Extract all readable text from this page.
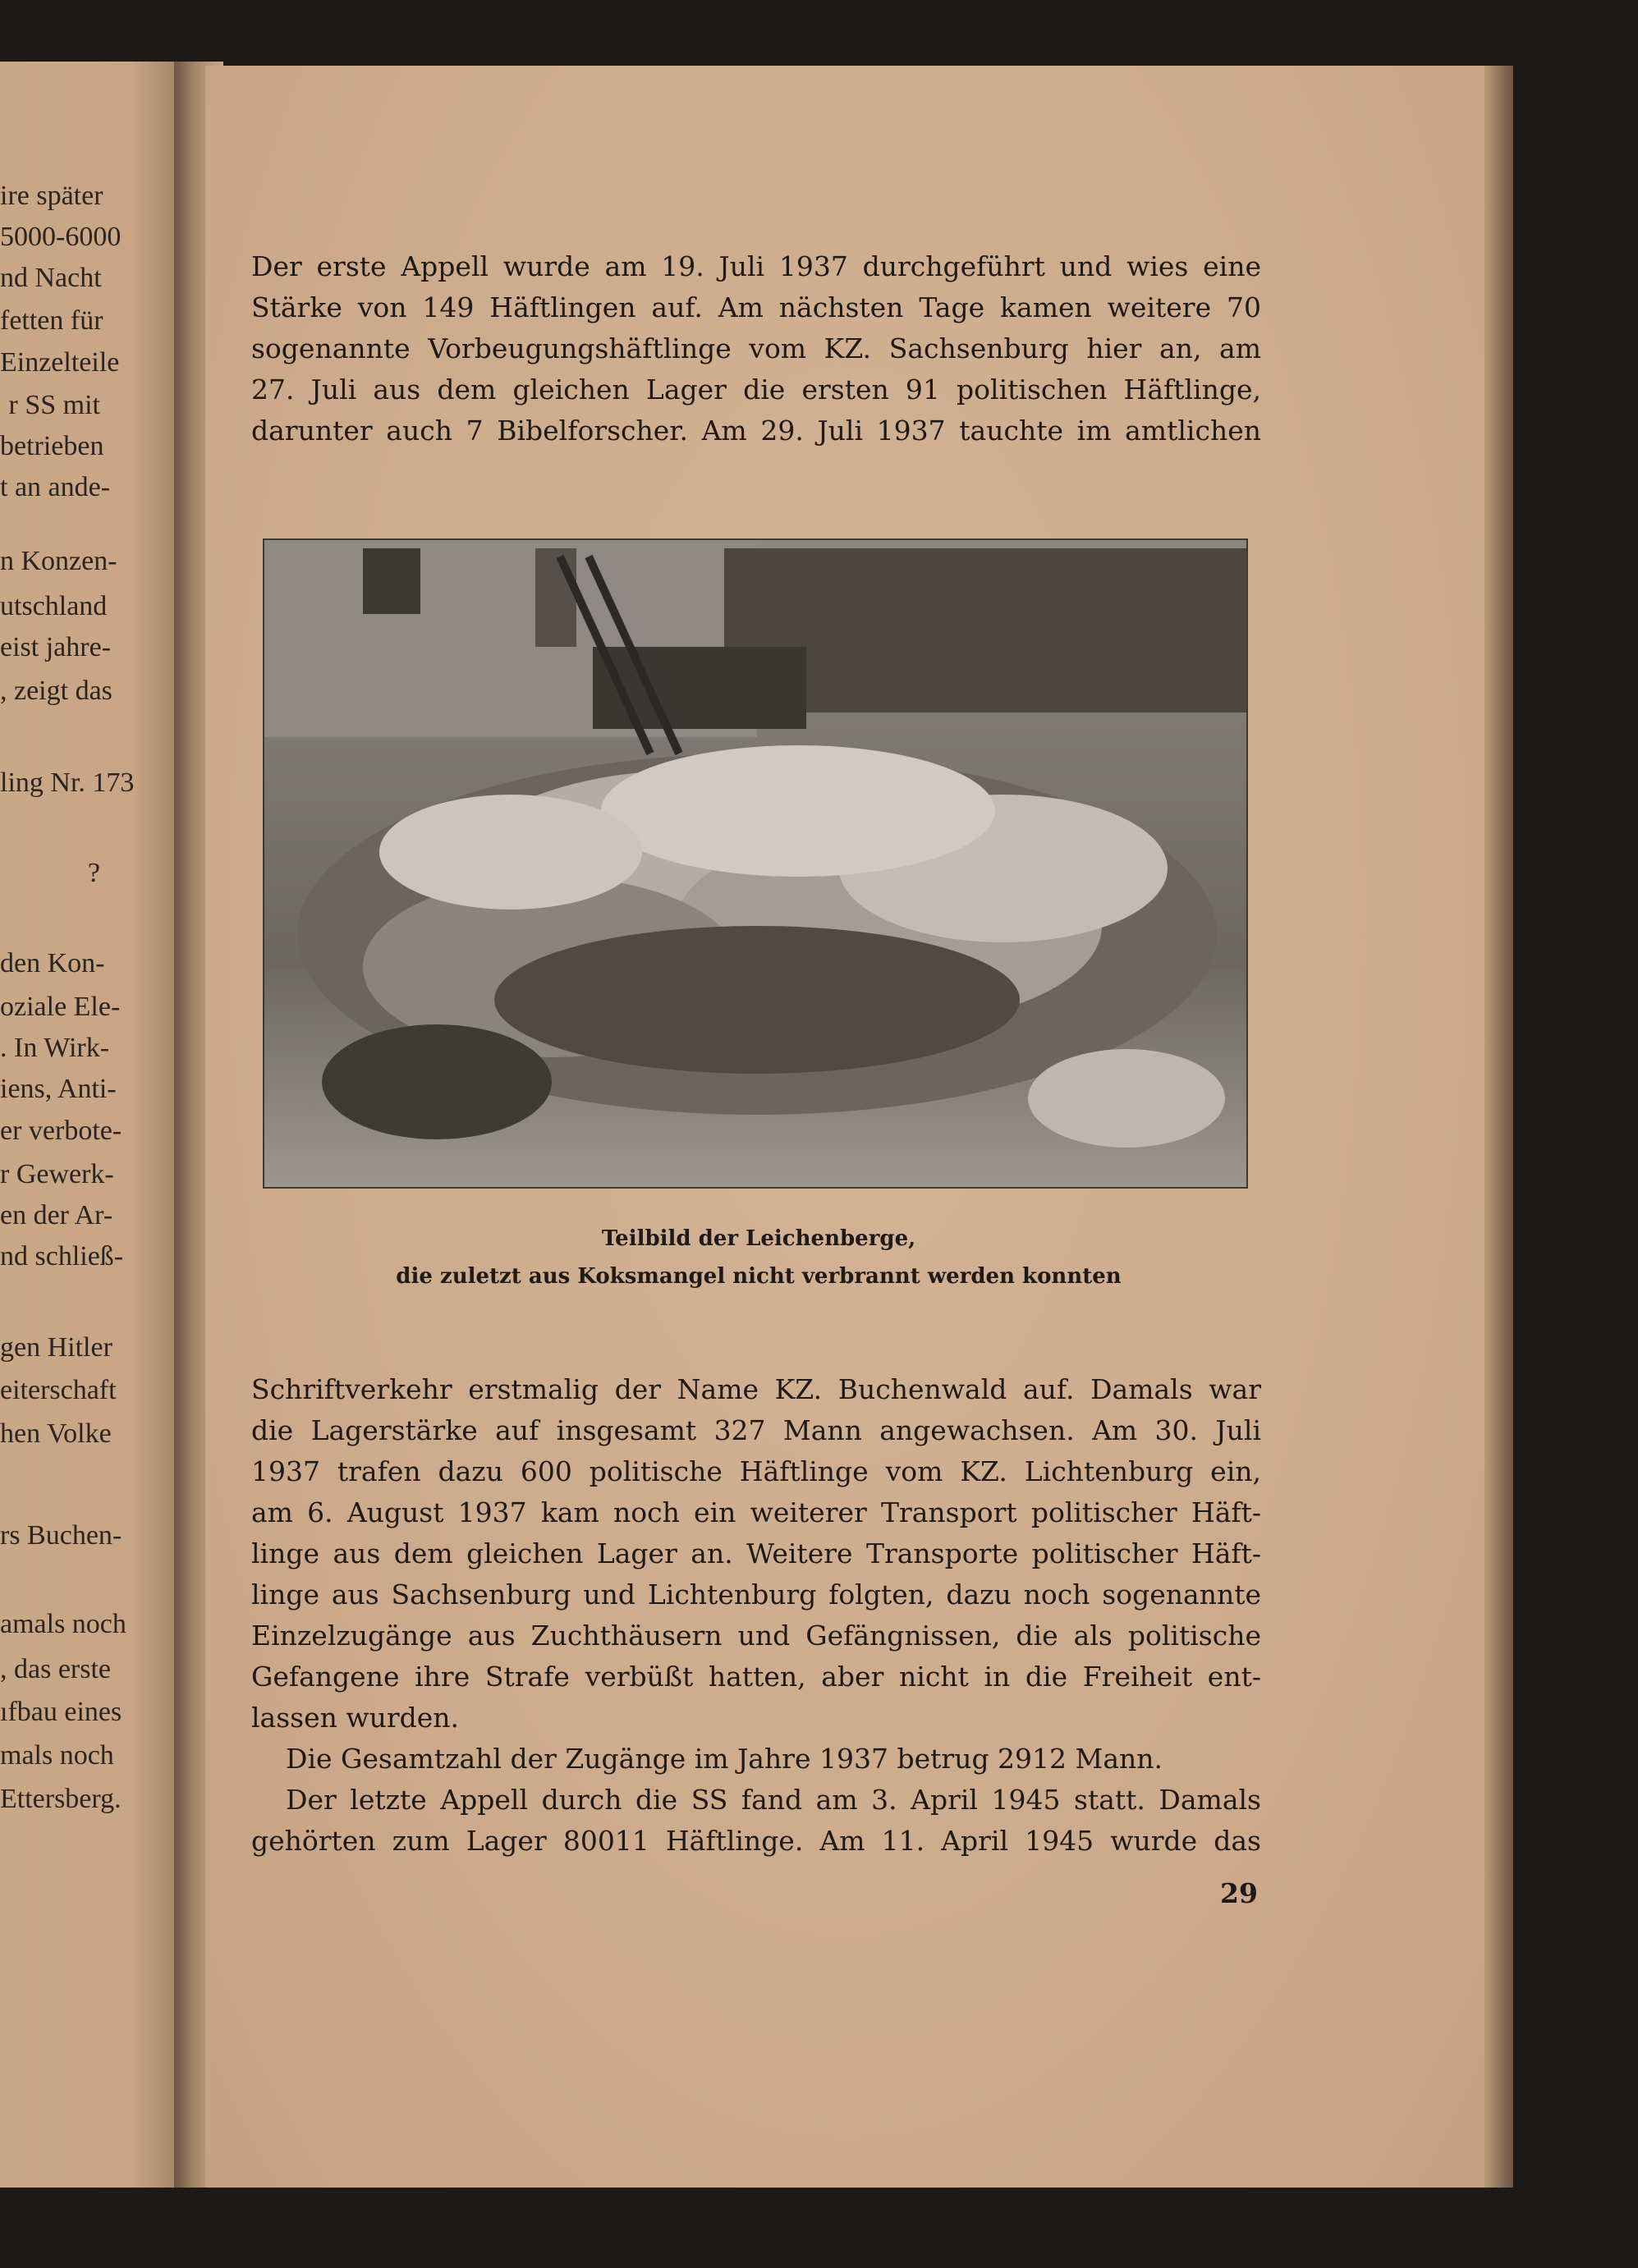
ire später
5000-6000
nd Nacht
fetten für
Einzelteile
r SS mit
betrieben
t an ande-
n Konzen-
utschland
eist jahre-
, zeigt das
ling Nr. 173
?
den Kon-
oziale Ele-
. In Wirk-
iens, Anti-
er verbote-
r Gewerk-
en der Ar-
nd schließ-
gen Hitler
eiterschaft
hen Volke
rs Buchen-
amals noch
, das erste
ıfbau eines
mals noch
Ettersberg.
Der erste Appell wurde am 19. Juli 1937 durchgeführt und wies eine
Stärke von 149 Häftlingen auf. Am nächsten Tage kamen weitere 70
sogenannte Vorbeugungshäftlinge vom KZ. Sachsenburg hier an, am
27. Juli aus dem gleichen Lager die ersten 91 politischen Häftlinge,
darunter auch 7 Bibelforscher. Am 29. Juli 1937 tauchte im amtlichen
Teilbild der Leichenberge,
die zuletzt aus Koksmangel nicht verbrannt werden konnten
Schriftverkehr erstmalig der Name KZ. Buchenwald auf. Damals war
die Lagerstärke auf insgesamt 327 Mann angewachsen. Am 30. Juli
1937 trafen dazu 600 politische Häftlinge vom KZ. Lichtenburg ein,
am 6. August 1937 kam noch ein weiterer Transport politischer Häft-
linge aus dem gleichen Lager an. Weitere Transporte politischer Häft-
linge aus Sachsenburg und Lichtenburg folgten, dazu noch sogenannte
Einzelzugänge aus Zuchthäusern und Gefängnissen, die als politische
Gefangene ihre Strafe verbüßt hatten, aber nicht in die Freiheit ent-
lassen wurden.
Die Gesamtzahl der Zugänge im Jahre 1937 betrug 2912 Mann.
Der letzte Appell durch die SS fand am 3. April 1945 statt. Damals
gehörten zum Lager 80011 Häftlinge. Am 11. April 1945 wurde das
29
